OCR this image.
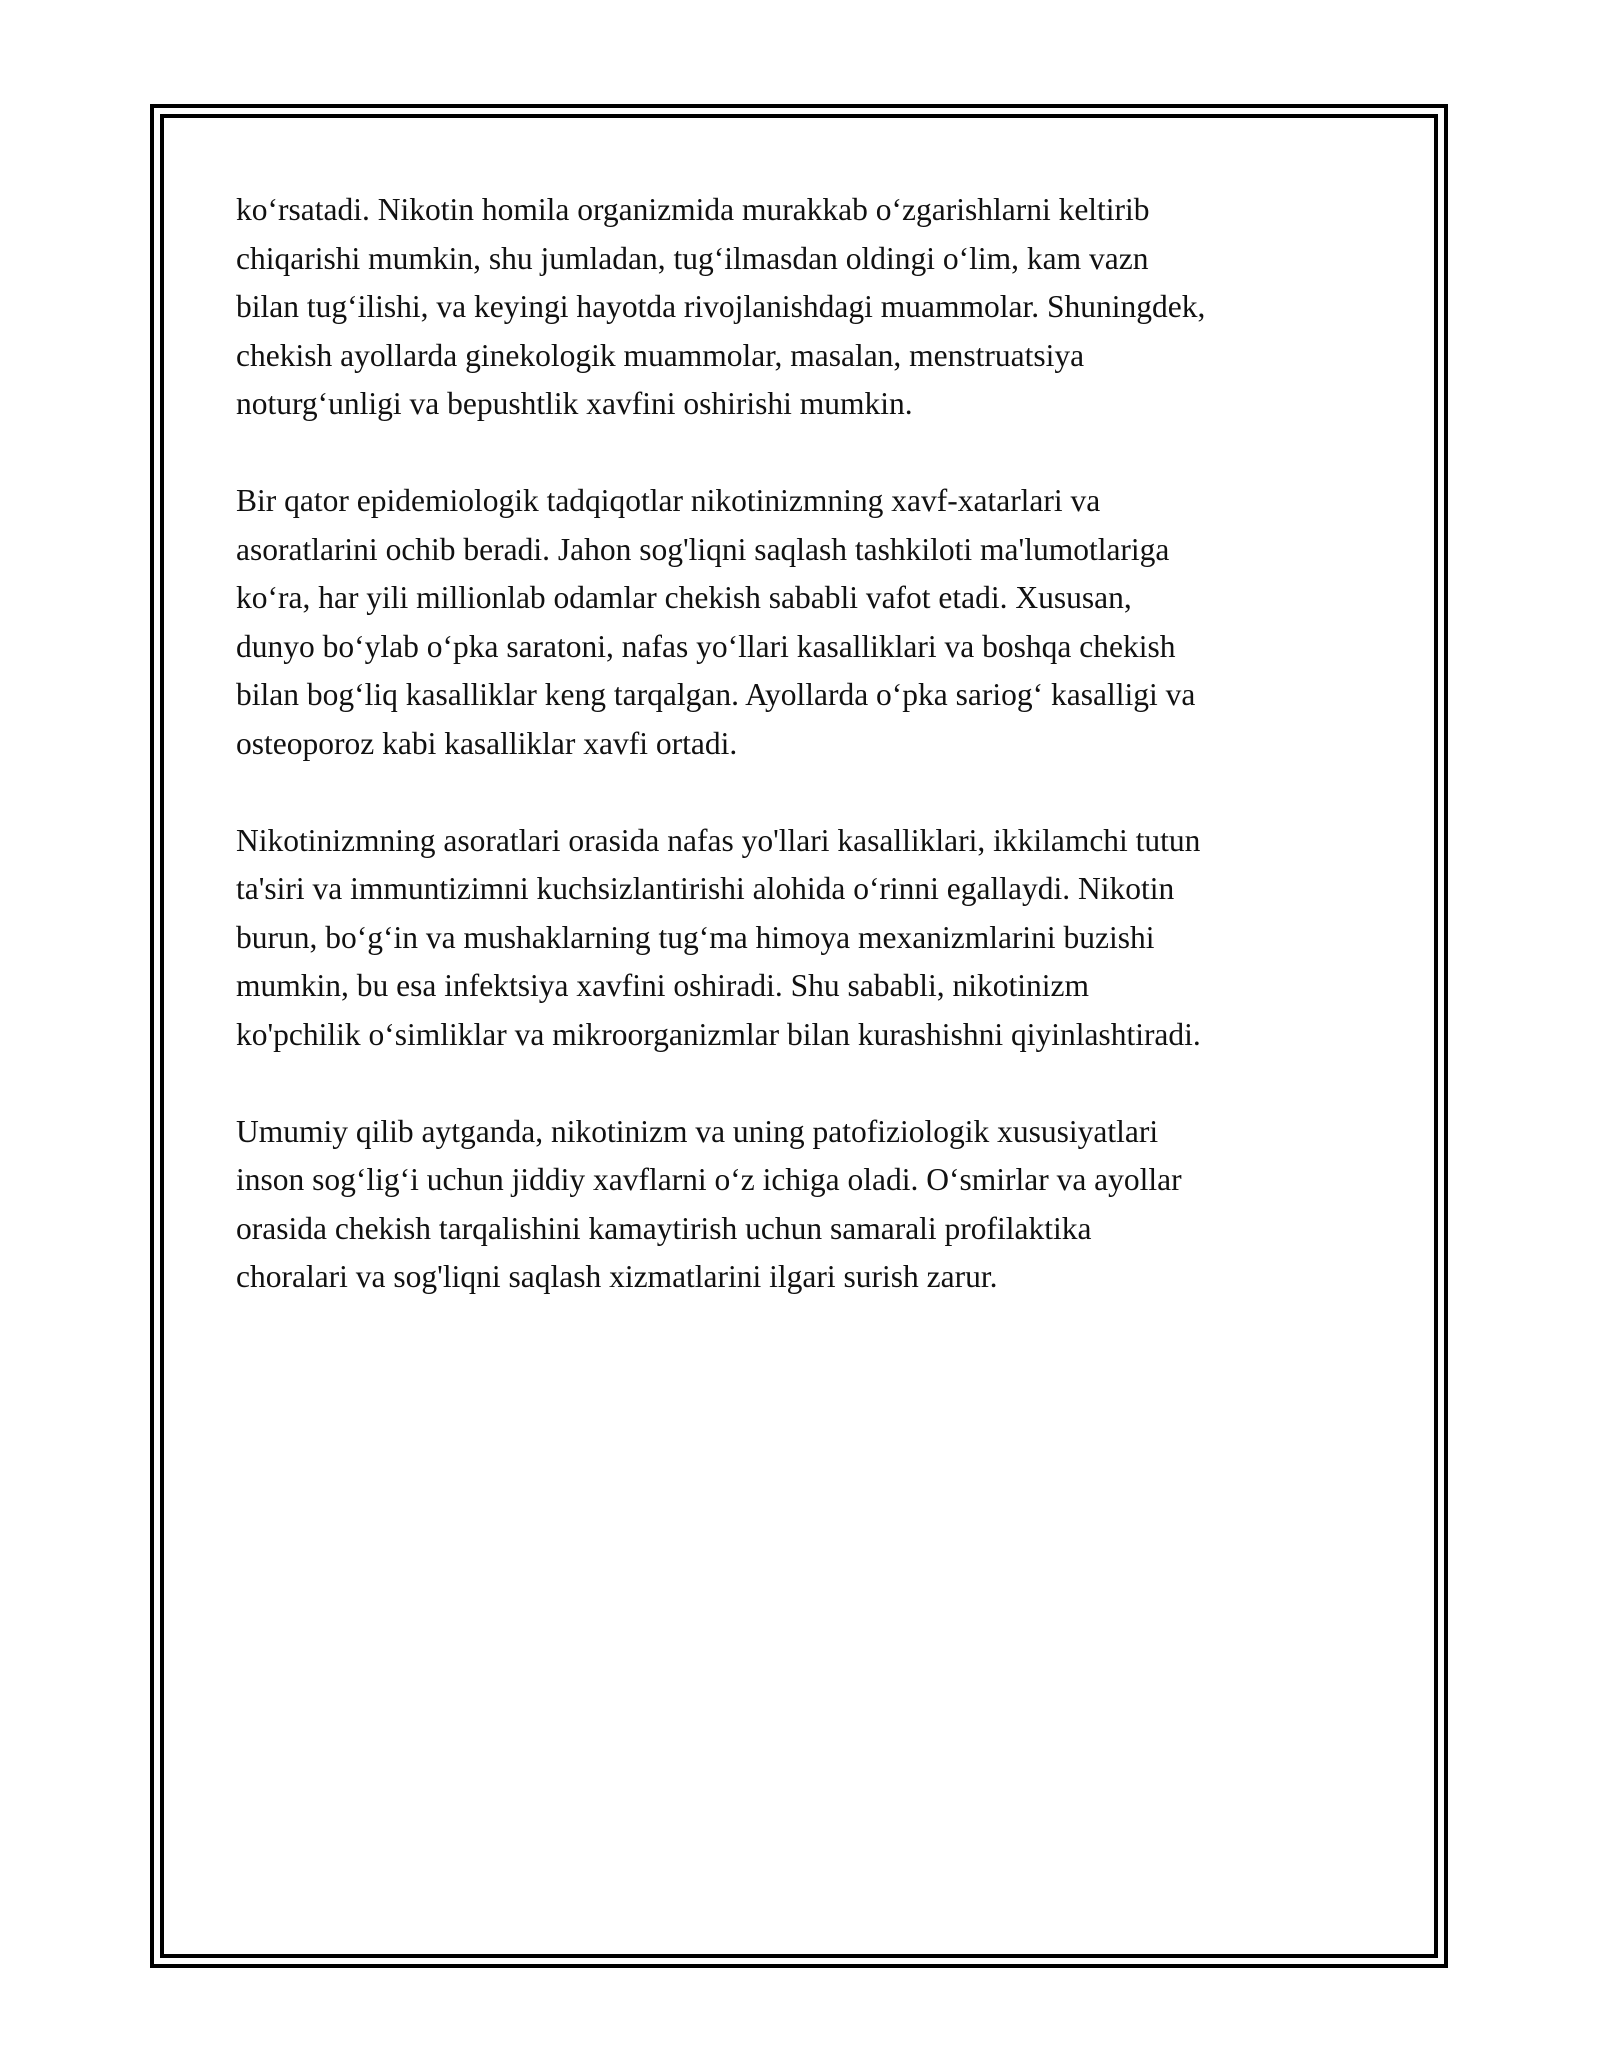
ko‘rsatadi. Nikotin homila organizmida murakkab o‘zgarishlarni keltirib
chiqarishi mumkin, shu jumladan, tug‘ilmasdan oldingi o‘lim, kam vazn
bilan tug‘ilishi, va keyingi hayotda rivojlanishdagi muammolar. Shuningdek,
chekish ayollarda ginekologik muammolar, masalan, menstruatsiya
noturg‘unligi va bepushtlik xavfini oshirishi mumkin.

Bir qator epidemiologik tadqiqotlar nikotinizmning xavf-xatarlari va
asoratlarini ochib beradi. Jahon sog'liqni saqlash tashkiloti ma'lumotlariga
ko‘ra, har yili millionlab odamlar chekish sababli vafot etadi. Xususan,
dunyo bo‘ylab o‘pka saratoni, nafas yo‘llari kasalliklari va boshqa chekish
bilan bog‘liq kasalliklar keng tarqalgan. Ayollarda o‘pka sariog‘ kasalligi va
osteoporoz kabi kasalliklar xavfi ortadi.

Nikotinizmning asoratlari orasida nafas yo'llari kasalliklari, ikkilamchi tutun
ta'siri va immuntizimni kuchsizlantirishi alohida o‘rinni egallaydi. Nikotin
burun, bo‘g‘in va mushaklarning tug‘ma himoya mexanizmlarini buzishi
mumkin, bu esa infektsiya xavfini oshiradi. Shu sababli, nikotinizm
ko'pchilik o‘simliklar va mikroorganizmlar bilan kurashishni qiyinlashtiradi.

Umumiy qilib aytganda, nikotinizm va uning patofiziologik xususiyatlari
inson sog‘lig‘i uchun jiddiy xavflarni o‘z ichiga oladi. O‘smirlar va ayollar
orasida chekish tarqalishini kamaytirish uchun samarali profilaktika
choralari va sog'liqni saqlash xizmatlarini ilgari surish zarur.
